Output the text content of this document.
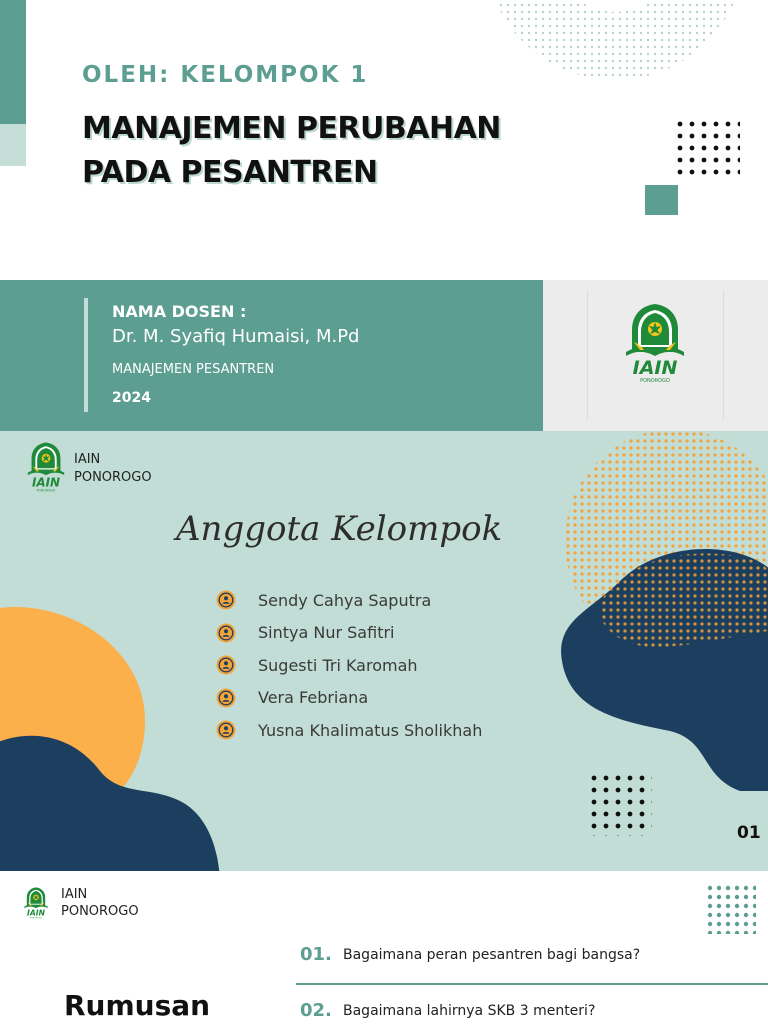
OLEH: KELOMPOK 1
MANAJEMEN PERUBAHAN
PADA PESANTREN
NAMA DOSEN :
Dr. M. Syafiq Humaisi, M.Pd
MANAJEMEN PESANTREN
2024
IAIN
PONOROGO
Anggota Kelompok
Sendy Cahya Saputra
Sintya Nur Safitri
Sugesti Tri Karomah
Vera Febriana
Yusna Khalimatus Sholikhah
01
IAIN
PONOROGO
01. Bagaimana peran pesantren bagi bangsa?
02. Bagaimana lahirnya SKB 3 menteri?
Rumusan
